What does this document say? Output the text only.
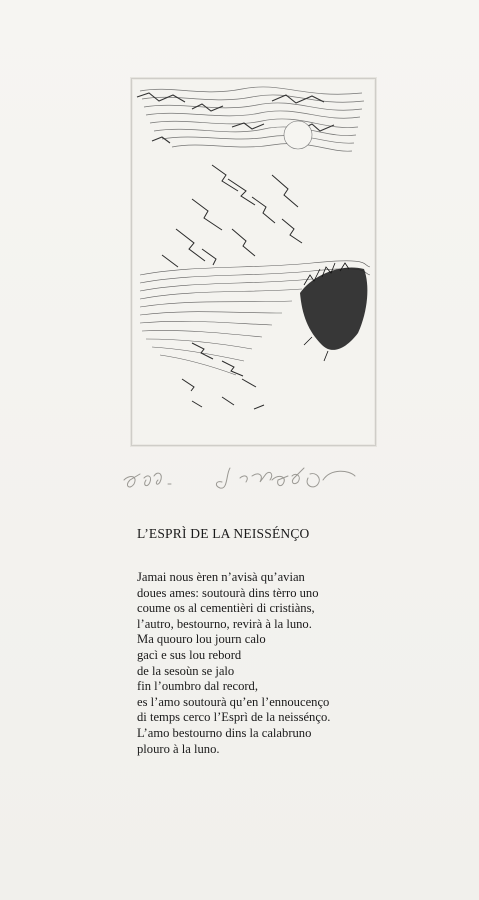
L’ESPRÌ DE LA NEISSÉNÇO
Jamai nous èren n’avisà qu’avian
doues ames: soutourà dins tèrro uno
coume os al cementièri di cristiàns,
l’autro, bestourno, revirà à la luno.
Ma quouro lou journ calo
gacì e sus lou rebord
de la sesoùn se jalo
fin l’oumbro dal record,
es l’amo soutourà qu’en l’ennoucenço
di temps cerco l’Esprì de la neissénço.
L’amo bestourno dins la calabruno
plouro à la luno.
